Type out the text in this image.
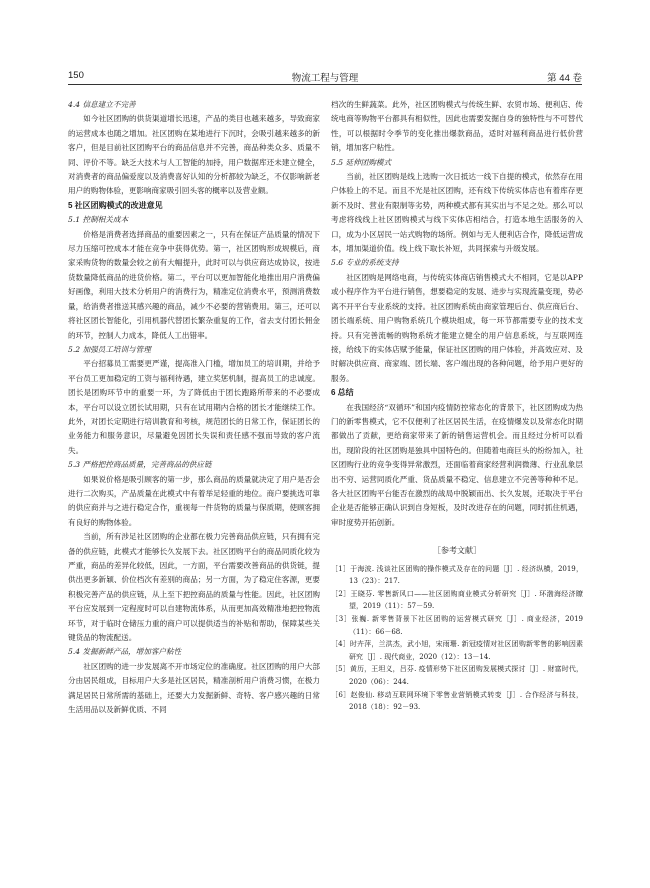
150	物流工程与管理	第 44 卷
4.4 信息建立不完善

如今社区团购的供货渠道增长迅速，产品的类目也越来越多，导致商家的运营成本也随之增加。社区团购在某地进行下沉时，会吸引越来越多的新客户，但是目前社区团购平台的商品信息并不完善，商品种类众多、质量不同、评价不等。缺乏大技术与人工智能的加持，用户数据库还未建立健全，对消费者的商品偏爱度以及消费喜好认知的分析都较为缺乏，不仅影响新老用户的购物体验，更影响商家吸引回头客的概率以及营业额。

5 社区团购模式的改进意见
5.1 控制相关成本

价格是消费者选择商品的重要因素之一，只有在保证产品质量的情况下尽力压缩可控成本才能在竞争中获得优势。第一，社区团购形成规模后，商家采购货物的数量会较之前有大幅提升，此时可以与供应商达成协议，按进货数量降低商品的进货价格。第二，平台可以更加智能化地推出用户消费偏好画像，利用大技术分析用户的消费行为，精准定位消费水平，预测消费数量，给消费者推送其感兴趣的商品，减少不必要的营销费用。第三，还可以将社区团长智能化，引用机器代替团长繁杂重复的工作，省去支付团长佣金的环节，控制人力成本，降低人工出错率。

5.2 加强员工培训与管理

平台招募员工需要更严谨，提高准入门槛，增加员工的培训期，并给予平台员工更加稳定的工资与福利待遇，建立奖惩机制，提高员工的忠诚度。团长是团购环节中的重要一环，为了降低由于团长跑路所带来的不必要成本，平台可以设立团长试用期，只有在试用期内合格的团长才能继续工作。此外，对团长定期进行培训教育和考核，规范团长的日常工作，保证团长的业务能力和服务意识，尽量避免因团长失误和责任感不强而导致的客户流失。

5.3 严格把控商品质量，完善商品的供应链

如果说价格是吸引顾客的第一步，那么商品的质量就决定了用户是否会进行二次购买，产品质量在此模式中有着举足轻重的地位。商户要挑选可靠的供应商并与之进行稳定合作，重视每一件货物的质量与保质期，使顾客拥有良好的购物体验。

当前，所有涉足社区团购的企业都在极力完善商品供应链，只有拥有完备的供应链，此模式才能够长久发展下去。社区团购平台的商品同质化较为严重，商品的差异化较低，因此，一方面，平台需要改善商品的供货链，提供出更多新颖、价位档次有差别的商品；另一方面，为了稳定住客源，更要积极完善产品的供应链，从上至下把控商品的质量与性能。因此，社区团购平台应发展到一定程度时可以自建物流体系，从而更加高效精准地把控物流环节，对于临时仓储压力重的商户可以提供适当的补贴和帮助，保障某些关键货品的物流配送。

5.4 发掘新鲜产品，增加客户粘性

社区团购的进一步发展离不开市场定位的准确度。社区团购的用户大部分由居民组成，目标用户大多是社区居民，精准剖析用户消费习惯，在极力满足居民日常所需的基础上，还要大力发掘新鲜、奇特、客户感兴趣的日常生活用品以及新鲜优质、不同

档次的生鲜蔬菜。此外，社区团购模式与传统生鲜、农贸市场、便利店、传统电商等购物平台都具有相似性，因此也需要发掘自身的独特性与不可替代性，可以根据时令季节的变化推出爆款商品，适时对福利商品进行低价营销，增加客户粘性。

5.5 延伸团购模式

当前，社区团购是线上选购一次日抵达一线下自提的模式，依然存在用户体验上的不足。而且不光是社区团购，还有线下传统实体店也有着库存更新不及时、营业有限制等劣势，两种模式都有其实出与不足之处。那么可以考虑将线线上社区团购模式与线下实体店相结合，打造本地生活服务的入口，成为小区居民一站式购物的场所。例如与无人便利店合作，降低运营成本，增加渠道价值。线上线下取长补短，共同探索与升级发展。

5.6 专业的系统支持

社区团购是网络电商，与传统实体商店销售模式大不相同，它是以APP或小程序作为平台进行销售，想要稳定的发展、进步与实现流量变现，势必离不开平台专业系统的支持。社区团购系统由商家管理后台、供应商后台、团长端系统、用户购物系统几个模块组成，每一环节都需要专业的技术支持。只有完善流畅的购物系统才能建立健全的用户信息系统，与互联网连接，给线下的实体店赋予能量，保证社区团购的用户体验，并高效应对、及时解决供应商、商家端、团长端、客户端出现的各种问题，给予用户更好的服务。

6 总结

在我国经济“双循环”和国内疫情防控常态化的背景下，社区团购成为热门的新零售模式，它不仅便利了社区居民生活，在疫情爆发以及常态化时期都做出了贡献，更给商家带来了新的销售运营机会。而且经过分析可以看出，现阶段的社区团购是独具中国特色的。但随着电商巨头的纷纷加入，社区团购行业的竞争变得异常激烈，还面临着商家经营利润微薄、行业乱象层出不穷、运营同质化严重、货品质量不稳定、信息建立不完善等种种不足。各大社区团购平台能否在激烈的战局中脱颖而出、长久发展，还取决于平台企业是否能够正确认识到自身短板，及时改进存在的问题，同时抓住机遇，审时度势开拓创新。

［参考文献］
［1］于海波. 浅谈社区团购的操作模式及存在的问题［J］. 经济纵横，2019，13（23）：217.
［2］王晓芬. 零售新风口——社区团购商业模式分析研究［J］. 环渤海经济瞭望，2019（11）：57－59.
［3］张巍. 新零售背景下社区团购的运营模式研究［J］. 商业经济，2019（11）：66－68.
［4］时卉萍，兰洪杰，武小旭，宋雨珊. 新冠疫情对社区团购新零售的影响因素研究［J］. 现代商业，2020（12）：13－14.
［5］黄历，王坦义，吕芬. 疫情形势下社区团购发展模式探讨［J］. 财富时代，2020（06）：244.
［6］赵俊仙. 移动互联网环境下零售业营销模式转变［J］. 合作经济与科技，2018（18）：92－93.
